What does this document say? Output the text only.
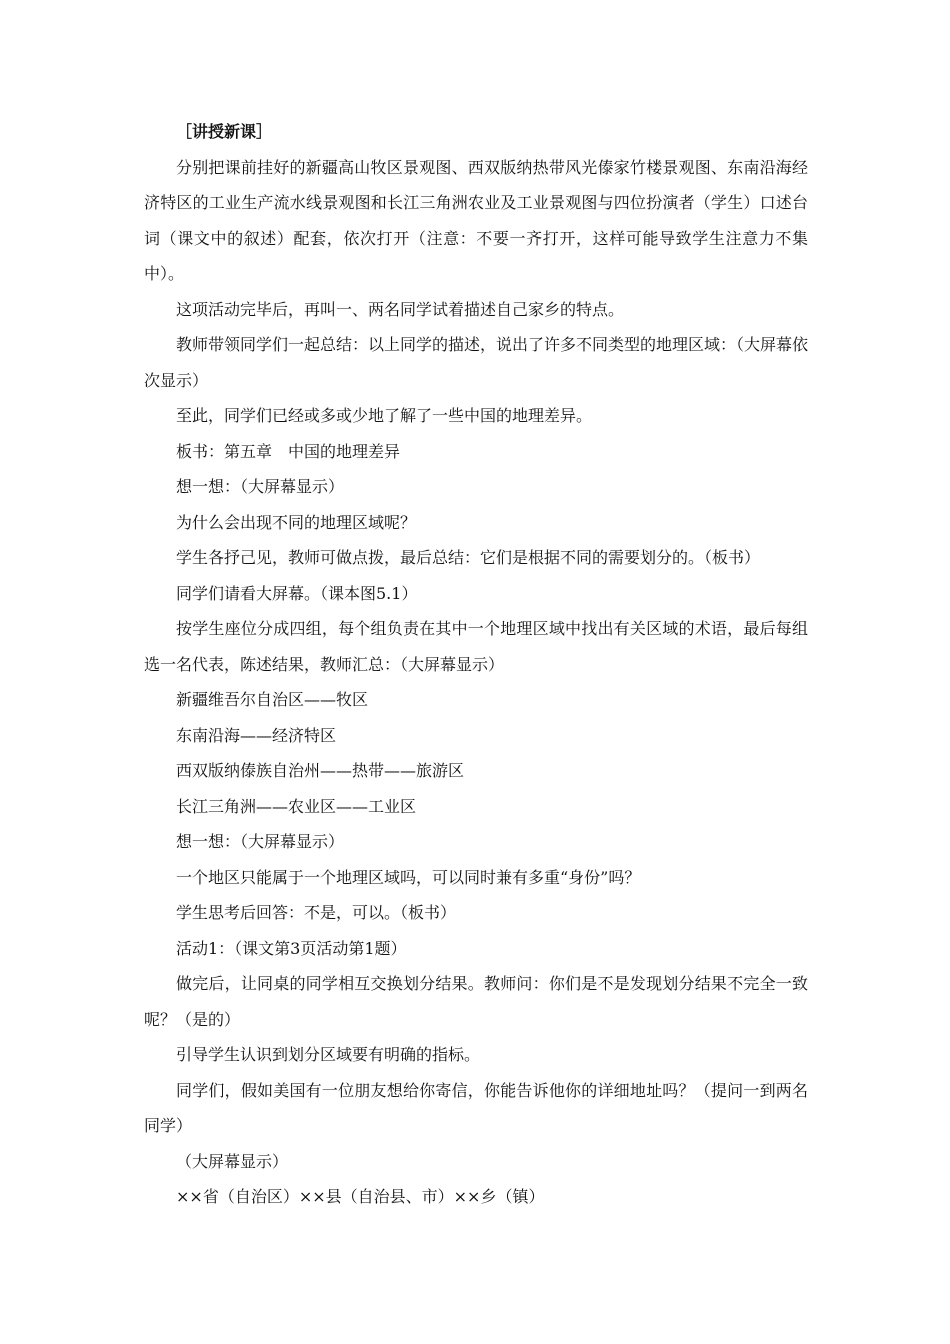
［讲授新课］

分别把课前挂好的新疆高山牧区景观图、西双版纳热带风光傣家竹楼景观图、东南沿海经济特区的工业生产流水线景观图和长江三角洲农业及工业景观图与四位扮演者（学生）口述台词（课文中的叙述）配套，依次打开（注意：不要一齐打开，这样可能导致学生注意力不集中）。

这项活动完毕后，再叫一、两名同学试着描述自己家乡的特点。

教师带领同学们一起总结：以上同学的描述，说出了许多不同类型的地理区域：（大屏幕依次显示）

至此，同学们已经或多或少地了解了一些中国的地理差异。

板书：第五章　中国的地理差异

想一想：（大屏幕显示）

为什么会出现不同的地理区域呢？

学生各抒己见，教师可做点拨，最后总结：它们是根据不同的需要划分的。（板书）

同学们请看大屏幕。（课本图5.1）

按学生座位分成四组，每个组负责在其中一个地理区域中找出有关区域的术语，最后每组选一名代表，陈述结果，教师汇总：（大屏幕显示）

新疆维吾尔自治区——牧区

东南沿海——经济特区

西双版纳傣族自治州——热带——旅游区

长江三角洲——农业区——工业区

想一想：（大屏幕显示）

一个地区只能属于一个地理区域吗，可以同时兼有多重“身份”吗？

学生思考后回答：不是，可以。（板书）

活动1：（课文第3页活动第1题）

做完后，让同桌的同学相互交换划分结果。教师问：你们是不是发现划分结果不完全一致呢？（是的）

引导学生认识到划分区域要有明确的指标。

同学们，假如美国有一位朋友想给你寄信，你能告诉他你的详细地址吗？（提问一到两名同学）

（大屏幕显示）

××省（自治区）××县（自治县、市）××乡（镇）
